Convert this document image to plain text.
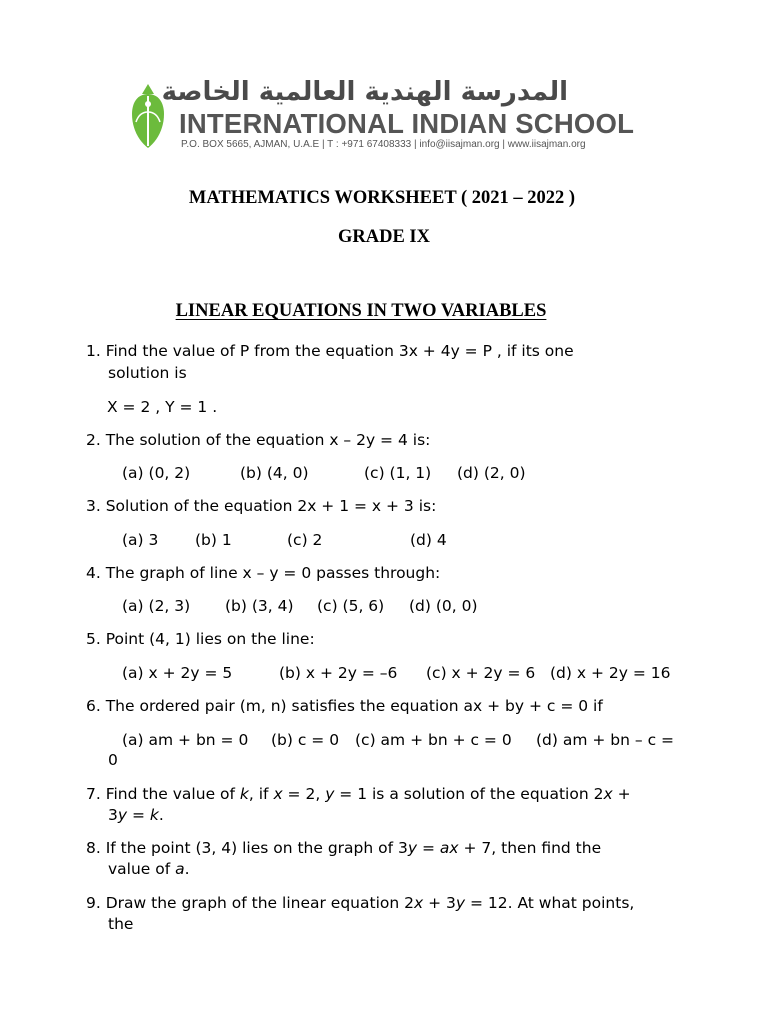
المدرسة الهندية العالمية الخاصة
INTERNATIONAL INDIAN SCHOOL
P.O. BOX 5665, AJMAN, U.A.E | T : +971 67408333 | info@iisajman.org | www.iisajman.org
MATHEMATICS WORKSHEET ( 2021 – 2022 )
GRADE IX
LINEAR EQUATIONS IN TWO VARIABLES
1. Find the value of P from the equation 3x + 4y = P , if its one
solution is
X = 2 , Y = 1 .
2. The solution of the equation x – 2y = 4 is:
(a) (0, 2)	(b) (4, 0)	(c) (1, 1) (d) (2, 0)
3. Solution of the equation 2x + 1 = x + 3 is:
(a) 3 (b) 1	(c) 2	(d) 4
4. The graph of line x – y = 0 passes through:
(a) (2, 3) (b) (3, 4) (c) (5, 6) (d) (0, 0)
5. Point (4, 1) lies on the line:
(a) x + 2y = 5	(b) x + 2y = –6 (c) x + 2y = 6 (d) x + 2y = 16
6. The ordered pair (m, n) satisfies the equation ax + by + c = 0 if
(a) am + bn = 0 (b) c = 0 (c) am + bn + c = 0 (d) am + bn – c =
0
7. Find the value of k, if x = 2, y = 1 is a solution of the equation 2x +
3y = k.
8. If the point (3, 4) lies on the graph of 3y = ax + 7, then find the
value of a.
9. Draw the graph of the linear equation 2x + 3y = 12. At what points,
the
